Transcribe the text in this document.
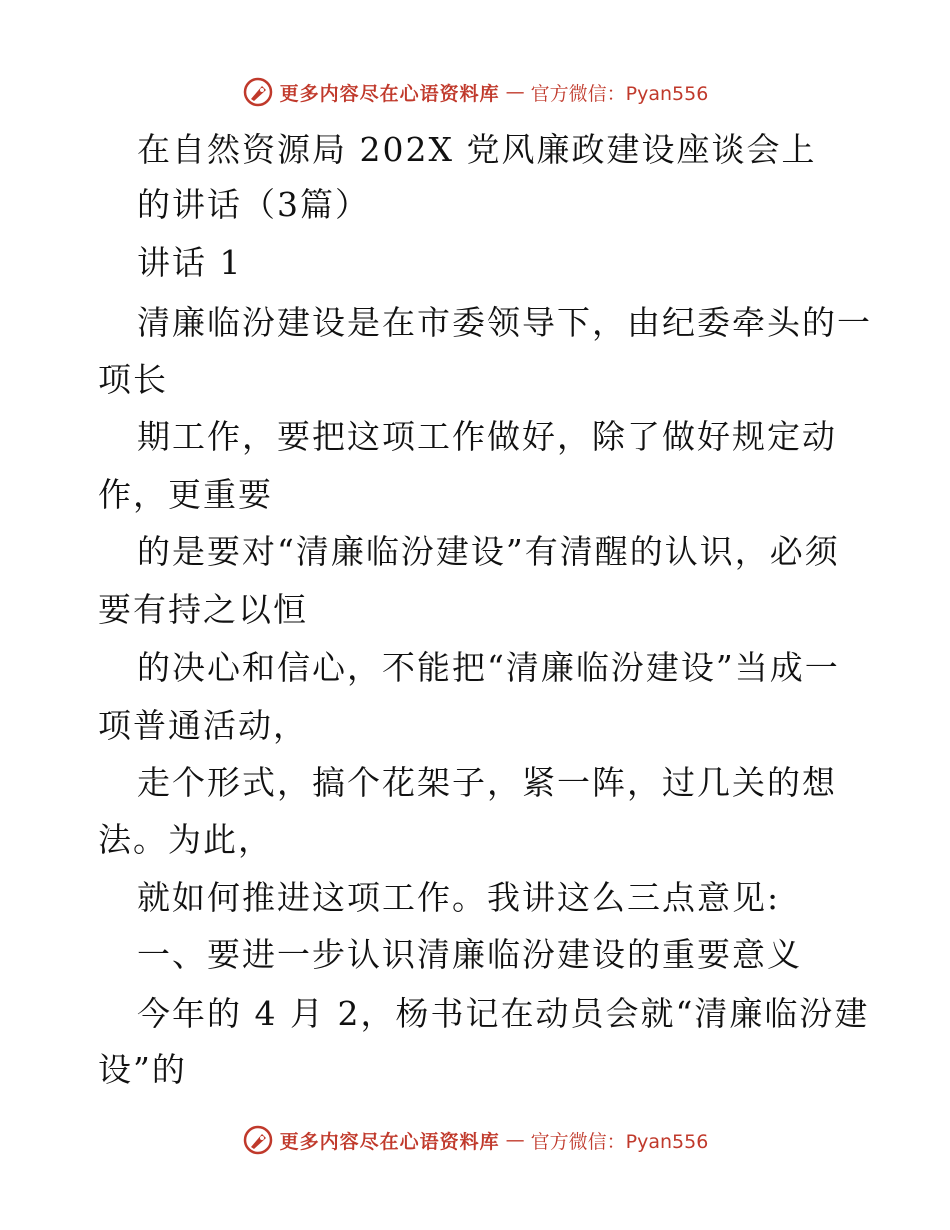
更多内容尽在心语资料库 — 官方微信：Pyan556
在自然资源局 202X 党风廉政建设座谈会上
的讲话（3篇）
讲话 1
清廉临汾建设是在市委领导下，由纪委牵头的一
项长
期工作，要把这项工作做好，除了做好规定动
作，更重要
的是要对“清廉临汾建设”有清醒的认识，必须
要有持之以恒
的决心和信心，不能把“清廉临汾建设”当成一
项普通活动，
走个形式，搞个花架子，紧一阵，过几关的想
法。为此，
就如何推进这项工作。我讲这么三点意见:
一、要进一步认识清廉临汾建设的重要意义
今年的 4 月 2，杨书记在动员会就“清廉临汾建
设”的
更多内容尽在心语资料库 — 官方微信：Pyan556
